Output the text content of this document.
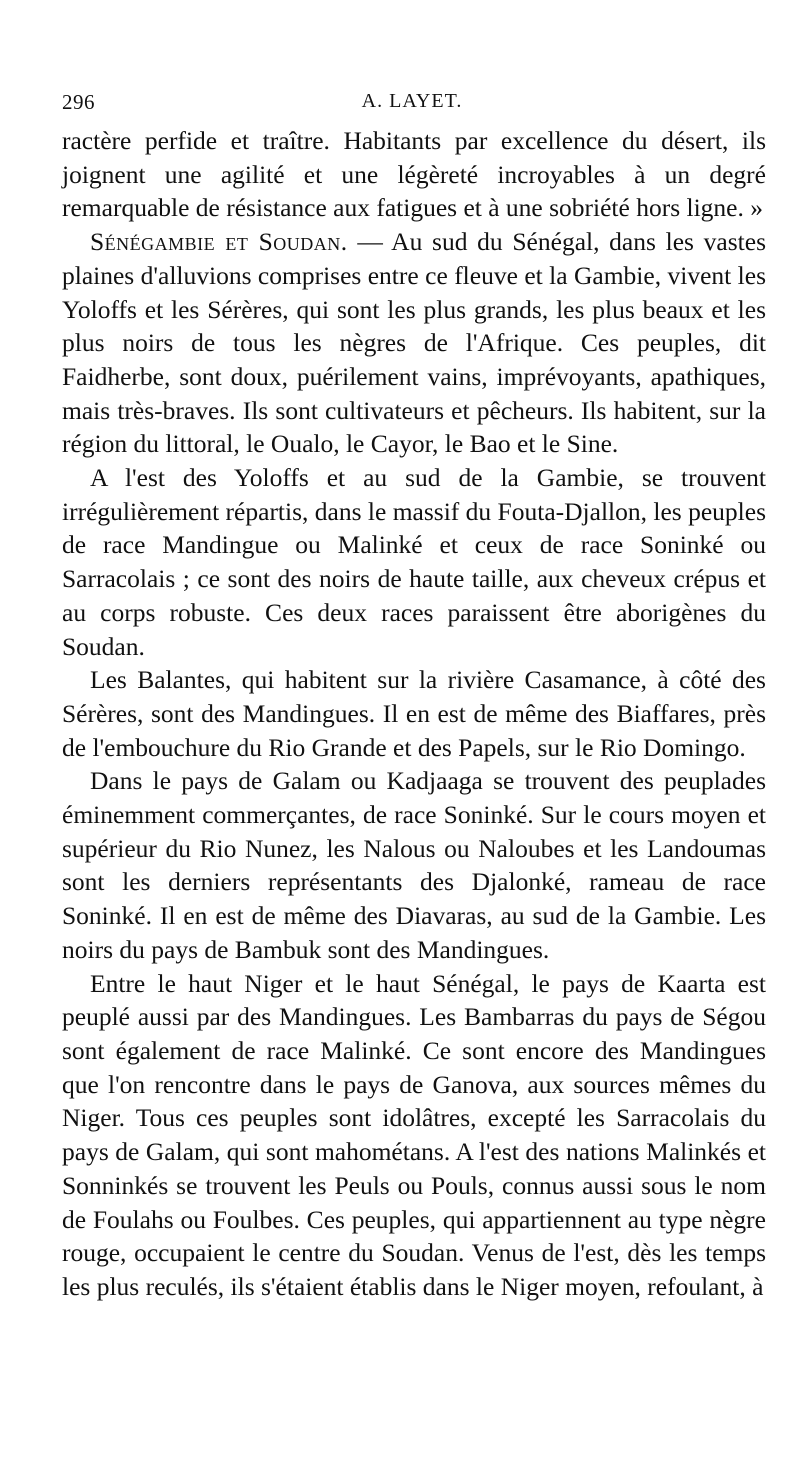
296	A. LAYET.

ractère perfide et traître. Habitants par excellence du désert, ils joignent une agilité et une légèreté incroyables à un degré remarquable de résistance aux fatigues et à une sobriété hors ligne. »

Sénégambie et Soudan. — Au sud du Sénégal, dans les vastes plaines d'alluvions comprises entre ce fleuve et la Gambie, vivent les Yoloffs et les Sérères, qui sont les plus grands, les plus beaux et les plus noirs de tous les nègres de l'Afrique. Ces peuples, dit Faidherbe, sont doux, puérilement vains, imprévoyants, apathiques, mais très-braves. Ils sont cultivateurs et pêcheurs. Ils habitent, sur la région du littoral, le Oualo, le Cayor, le Bao et le Sine.

A l'est des Yoloffs et au sud de la Gambie, se trouvent irrégulièrement répartis, dans le massif du Fouta-Djallon, les peuples de race Mandingue ou Malinké et ceux de race Soninké ou Sarracolais ; ce sont des noirs de haute taille, aux cheveux crépus et au corps robuste. Ces deux races paraissent être aborigènes du Soudan.

Les Balantes, qui habitent sur la rivière Casamance, à côté des Sérères, sont des Mandingues. Il en est de même des Biaffares, près de l'embouchure du Rio Grande et des Papels, sur le Rio Domingo.

Dans le pays de Galam ou Kadjaaga se trouvent des peuplades éminemment commerçantes, de race Soninké. Sur le cours moyen et supérieur du Rio Nunez, les Nalous ou Naloubes et les Landoumas sont les derniers représentants des Djalonké, rameau de race Soninké. Il en est de même des Diavaras, au sud de la Gambie. Les noirs du pays de Bambuk sont des Mandingues.

Entre le haut Niger et le haut Sénégal, le pays de Kaarta est peuplé aussi par des Mandingues. Les Bambarras du pays de Ségou sont également de race Malinké. Ce sont encore des Mandingues que l'on rencontre dans le pays de Ganova, aux sources mêmes du Niger. Tous ces peuples sont idolâtres, excepté les Sarracolais du pays de Galam, qui sont mahométans. A l'est des nations Malinkés et Sonninkés se trouvent les Peuls ou Pouls, connus aussi sous le nom de Foulahs ou Foulbes. Ces peuples, qui appartiennent au type nègre rouge, occupaient le centre du Soudan. Venus de l'est, dès les temps les plus reculés, ils s'étaient établis dans le Niger moyen, refoulant, à
